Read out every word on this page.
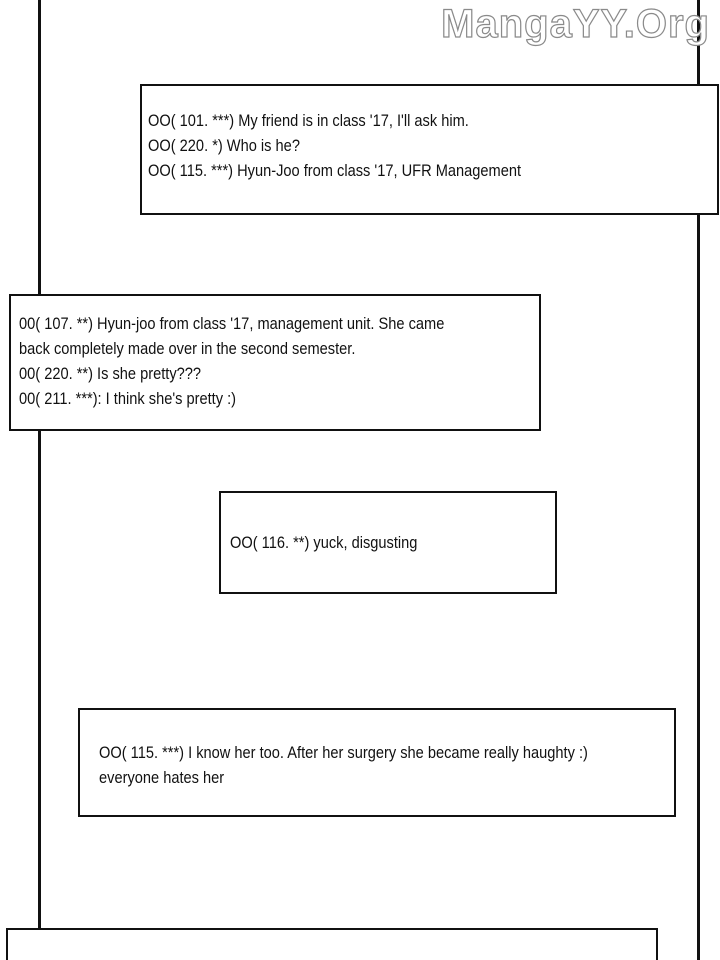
MangaYY.Org
OO( 101. ***) My friend is in class '17, I'll ask him.
OO( 220. *) Who is he?
OO( 115. ***) Hyun-Joo from class '17, UFR Management
00( 107. **) Hyun-joo from class '17, management unit. She came
back completely made over in the second semester.
00( 220. **) Is she pretty???
00( 211. ***): I think she's pretty :)
OO( 116. **) yuck, disgusting
OO( 115. ***) I know her too. After her surgery she became really haughty :)
everyone hates her
